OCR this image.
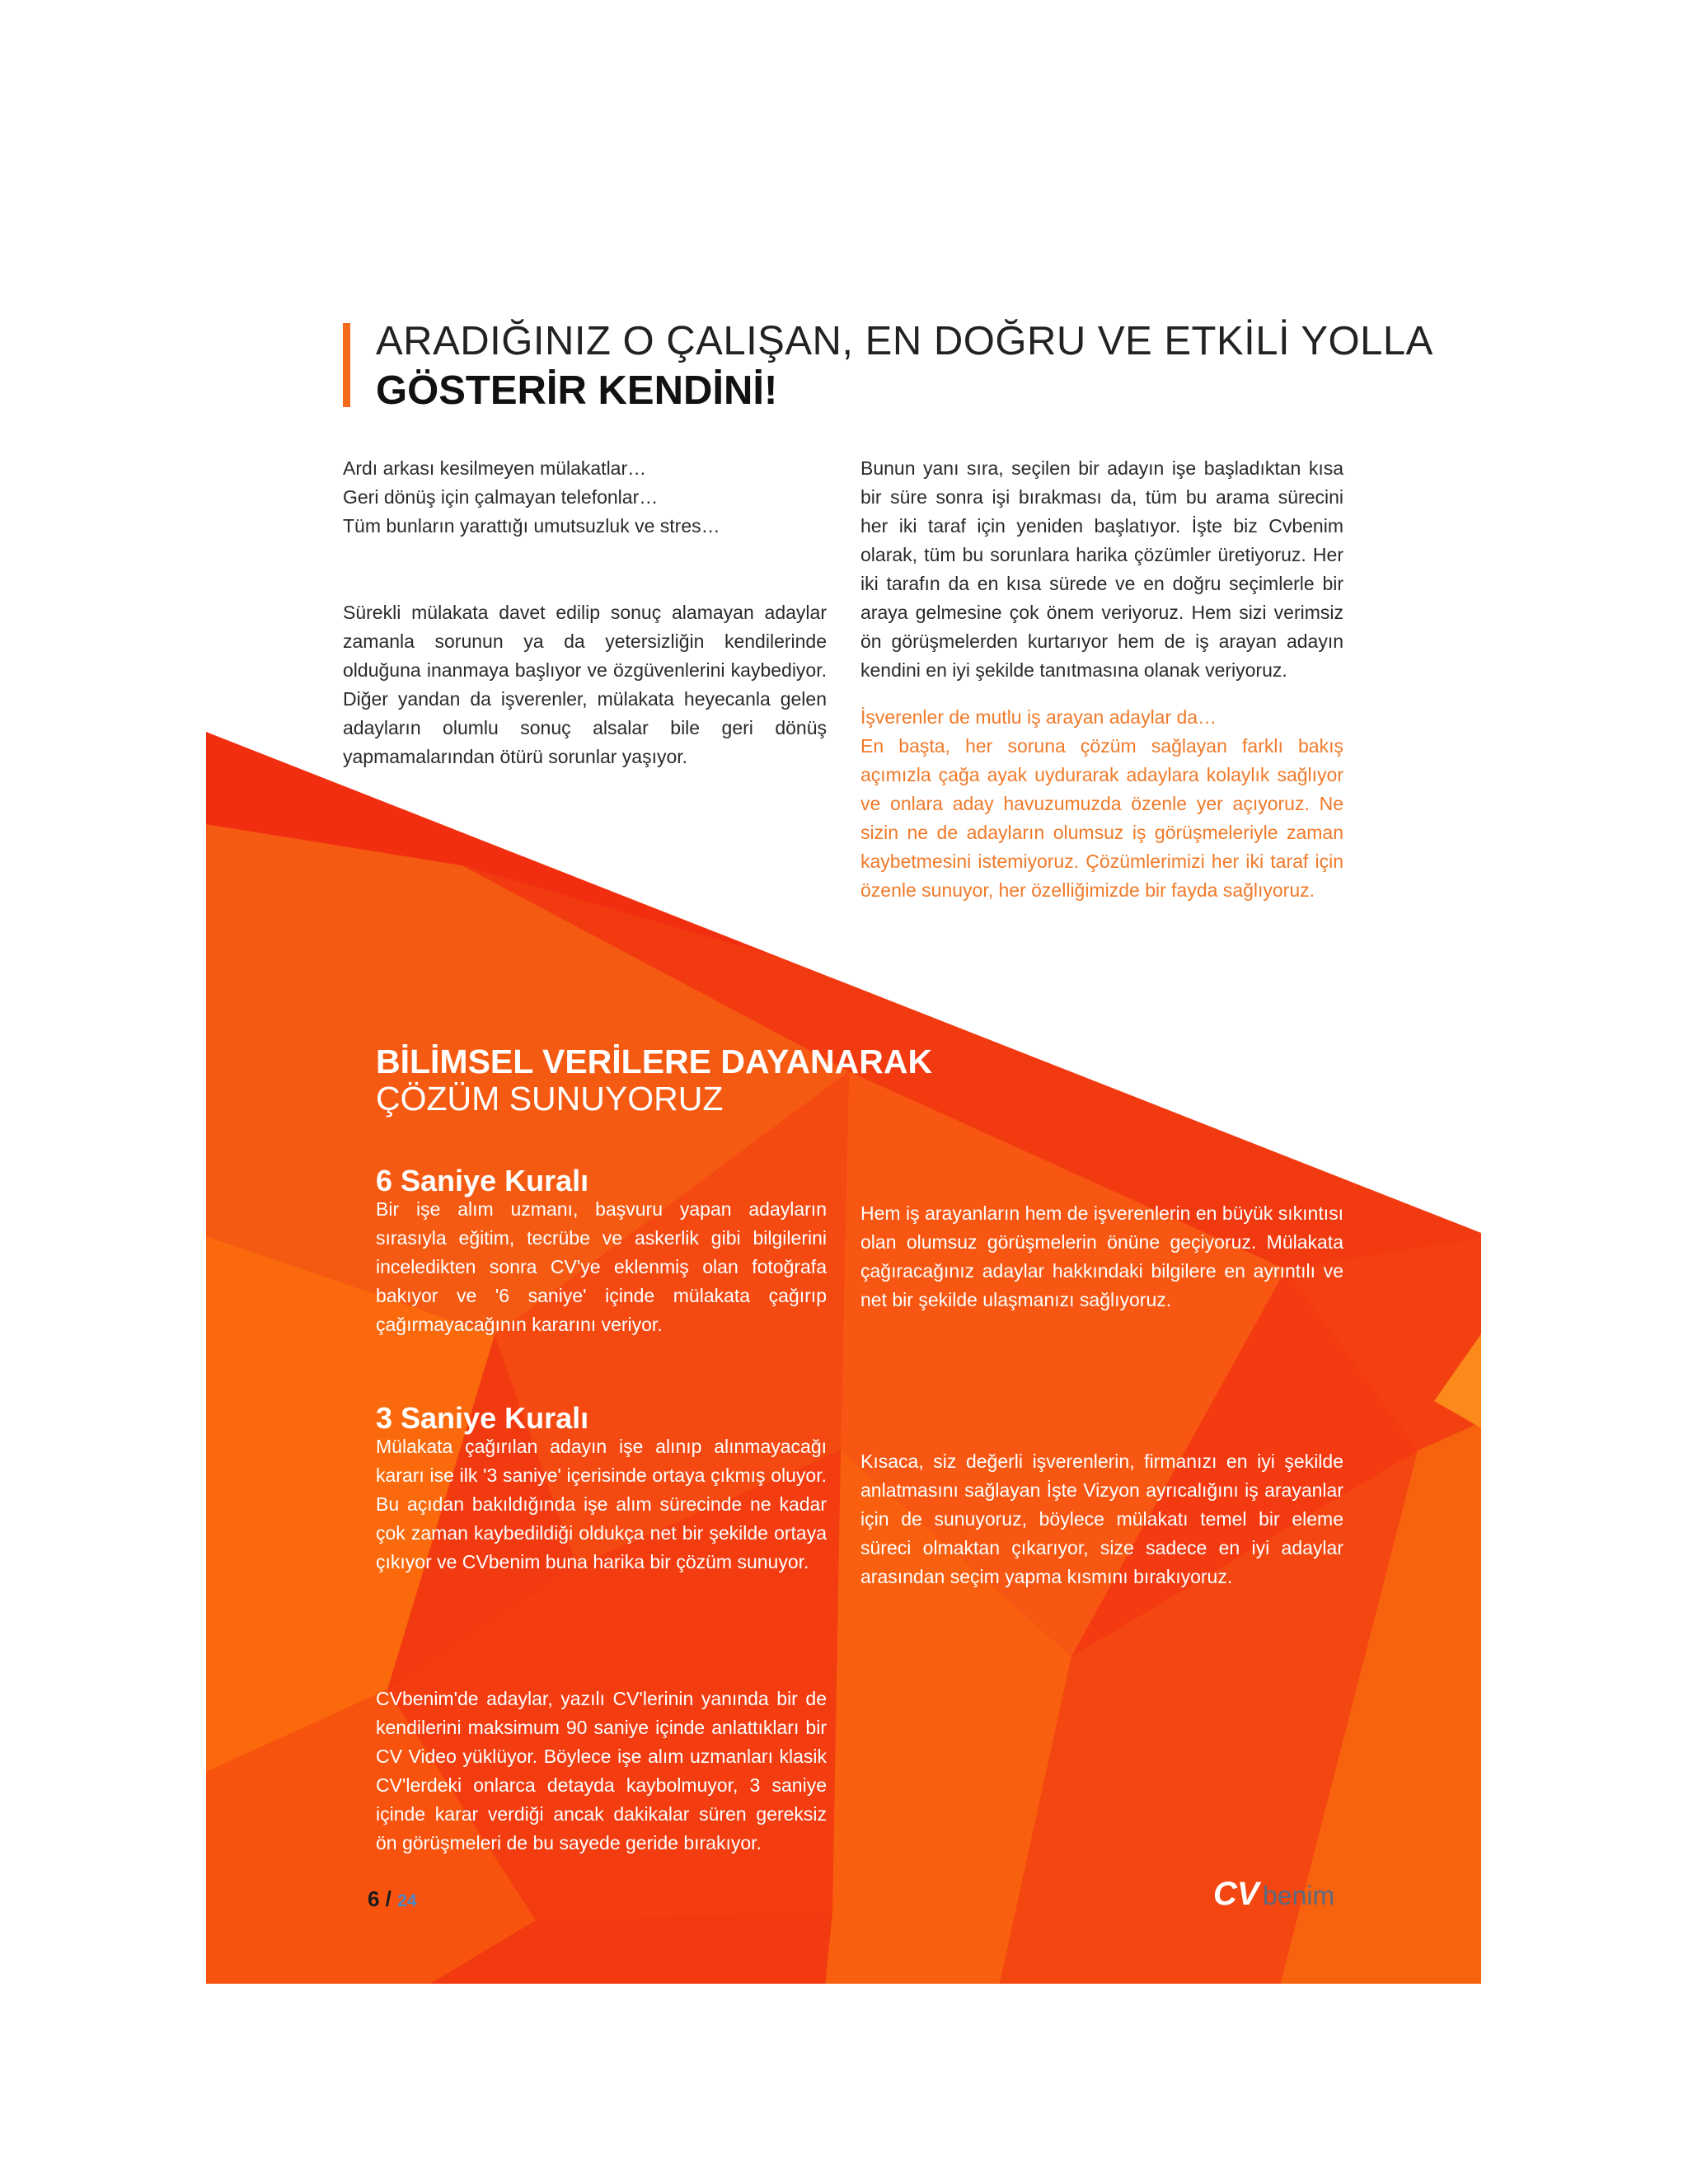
ARADIĞINIZ O ÇALIŞAN, EN DOĞRU VE ETKİLİ YOLLA
GÖSTERİR KENDİNİ!

Ardı arkası kesilmeyen mülakatlar…

Geri dönüş için çalmayan telefonlar…

Tüm bunların yarattığı umutsuzluk ve stres…

Sürekli mülakata davet edilip sonuç alamayan adaylar zamanla sorunun ya da yetersizliğin kendilerinde olduğuna inanmaya başlıyor ve özgüvenlerini kaybediyor. Diğer yandan da işverenler, mülakata heyecanla gelen adayların olumlu sonuç alsalar bile geri dönüş yapmamalarından ötürü sorunlar yaşıyor.

Bunun yanı sıra, seçilen bir adayın işe başladıktan kısa bir süre sonra işi bırakması da, tüm bu arama sürecini her iki taraf için yeniden başlatıyor. İşte biz Cvbenim olarak, tüm bu sorunlara harika çözümler üretiyoruz. Her iki tarafın da en kısa sürede ve en doğru seçimlerle bir araya gelmesine çok önem veriyoruz. Hem sizi verimsiz ön görüşmelerden kurtarıyor hem de iş arayan adayın kendini en iyi şekilde tanıtmasına olanak veriyoruz.

İşverenler de mutlu iş arayan adaylar da…

En başta, her soruna çözüm sağlayan farklı bakış açımızla çağa ayak uydurarak adaylara kolaylık sağlıyor ve onlara aday havuzumuzda özenle yer açıyoruz. Ne sizin ne de adayların olumsuz iş görüşmeleriyle zaman kaybetmesini istemiyoruz. Çözümlerimizi her iki taraf için özenle sunuyor, her özelliğimizde bir fayda sağlıyoruz.

BİLİMSEL VERİLERE DAYANARAK
ÇÖZÜM SUNUYORUZ

6 Saniye Kuralı

Bir işe alım uzmanı, başvuru yapan adayların sırasıyla eğitim, tecrübe ve askerlik gibi bilgilerini inceledikten sonra CV'ye eklenmiş olan fotoğrafa bakıyor ve '6 saniye' içinde mülakata çağırıp çağırmayacağının kararını veriyor.

3 Saniye Kuralı

Mülakata çağırılan adayın işe alınıp alınmayacağı kararı ise ilk '3 saniye' içerisinde ortaya çıkmış oluyor. Bu açıdan bakıldığında işe alım sürecinde ne kadar çok zaman kaybedildiği oldukça net bir şekilde ortaya çıkıyor ve CVbenim buna harika bir çözüm sunuyor.

CVbenim'de adaylar, yazılı CV'lerinin yanında bir de kendilerini maksimum 90 saniye içinde anlattıkları bir CV Video yüklüyor. Böylece işe alım uzmanları klasik CV'lerdeki onlarca detayda kaybolmuyor, 3 saniye içinde karar verdiği ancak dakikalar süren gereksiz ön görüşmeleri de bu sayede geride bırakıyor.

Hem iş arayanların hem de işverenlerin en büyük sıkıntısı olan olumsuz görüşmelerin önüne geçiyoruz. Mülakata çağıracağınız adaylar hakkındaki bilgilere en ayrıntılı ve net bir şekilde ulaşmanızı sağlıyoruz.

Kısaca, siz değerli işverenlerin, firmanızı en iyi şekilde anlatmasını sağlayan İşte Vizyon ayrıcalığını iş arayanlar için de sunuyoruz, böylece mülakatı temel bir eleme süreci olmaktan çıkarıyor, size sadece en iyi adaylar arasından seçim yapma kısmını bırakıyoruz.

6 / 24	CV benim
